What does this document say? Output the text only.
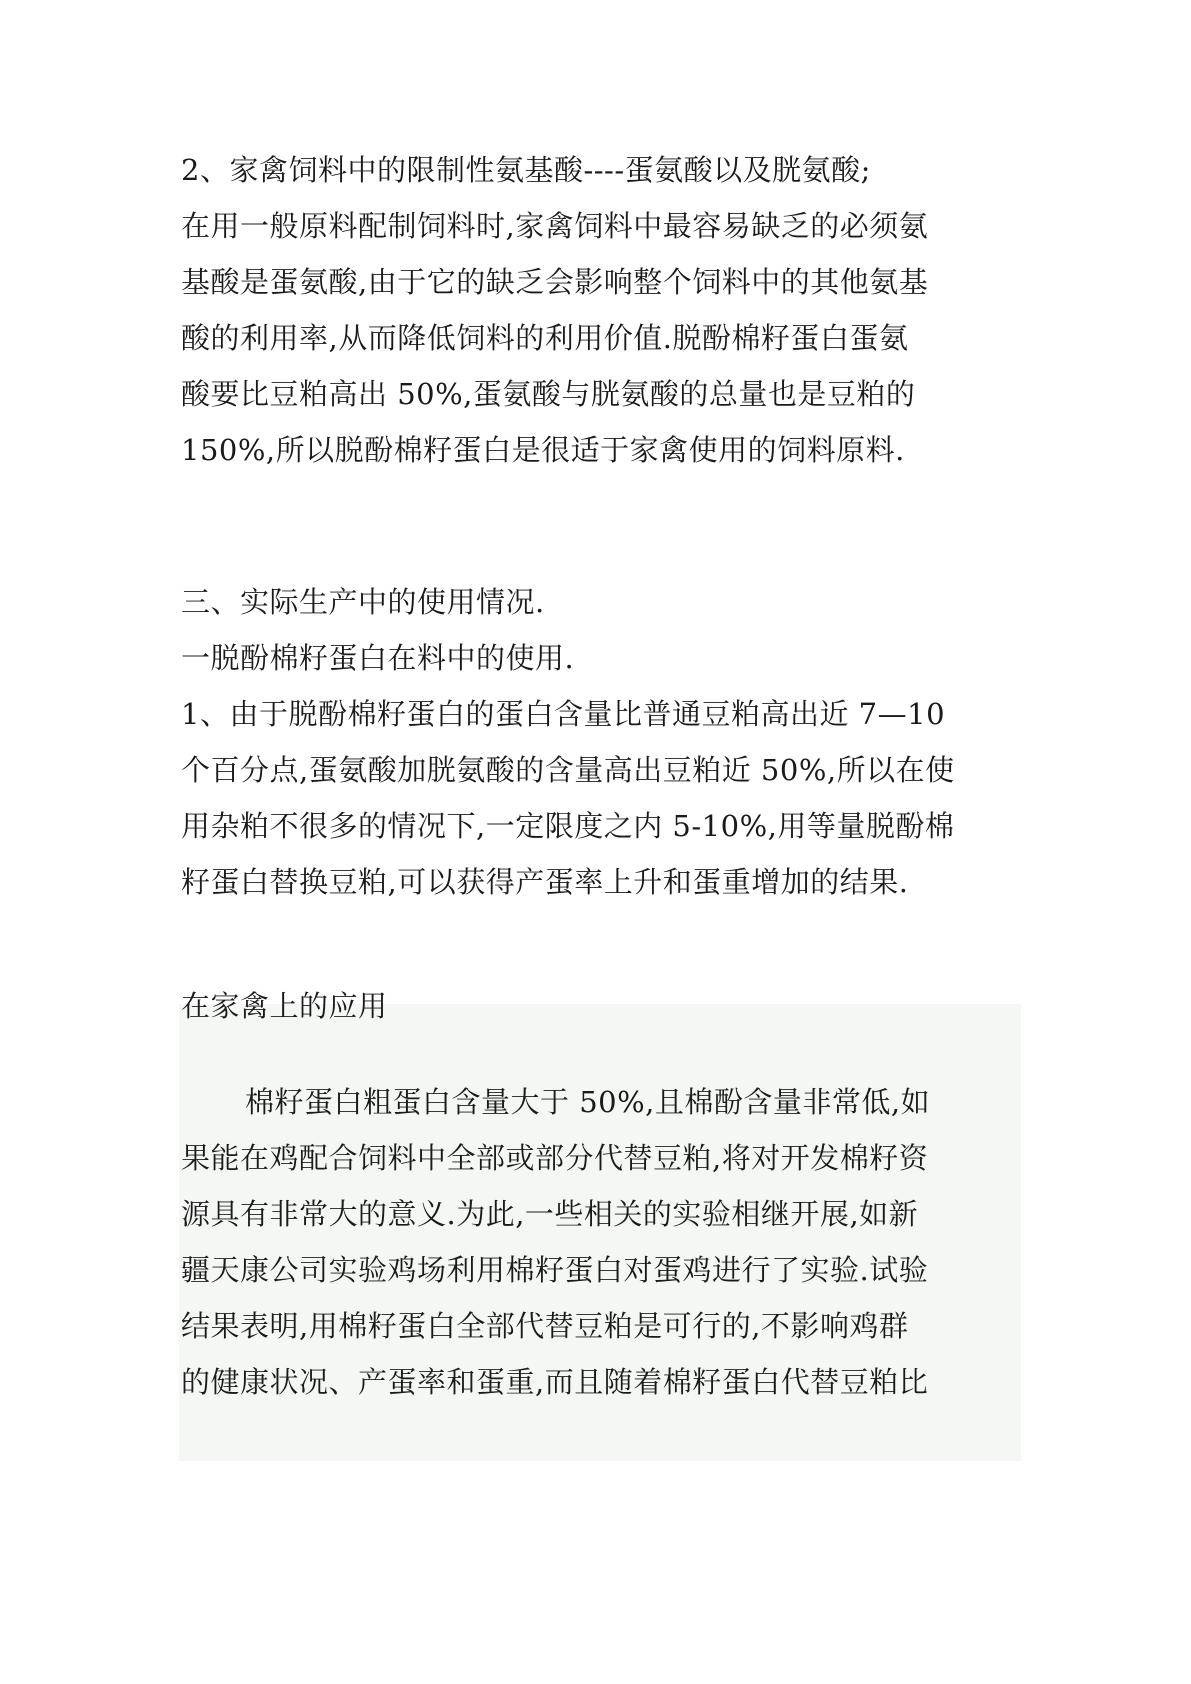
2、家禽饲料中的限制性氨基酸----蛋氨酸以及胱氨酸;
在用一般原料配制饲料时,家禽饲料中最容易缺乏的必须氨
基酸是蛋氨酸,由于它的缺乏会影响整个饲料中的其他氨基
酸的利用率,从而降低饲料的利用价值.脱酚棉籽蛋白蛋氨
酸要比豆粕高出 50%,蛋氨酸与胱氨酸的总量也是豆粕的
150%,所以脱酚棉籽蛋白是很适于家禽使用的饲料原料.
三、实际生产中的使用情况.
一脱酚棉籽蛋白在料中的使用.
1、由于脱酚棉籽蛋白的蛋白含量比普通豆粕高出近 7—10
个百分点,蛋氨酸加胱氨酸的含量高出豆粕近 50%,所以在使
用杂粕不很多的情况下,一定限度之内 5-10%,用等量脱酚棉
籽蛋白替换豆粕,可以获得产蛋率上升和蛋重增加的结果.
在家禽上的应用
棉籽蛋白粗蛋白含量大于 50%,且棉酚含量非常低,如
果能在鸡配合饲料中全部或部分代替豆粕,将对开发棉籽资
源具有非常大的意义.为此,一些相关的实验相继开展,如新
疆天康公司实验鸡场利用棉籽蛋白对蛋鸡进行了实验.试验
结果表明,用棉籽蛋白全部代替豆粕是可行的,不影响鸡群
的健康状况、产蛋率和蛋重,而且随着棉籽蛋白代替豆粕比
